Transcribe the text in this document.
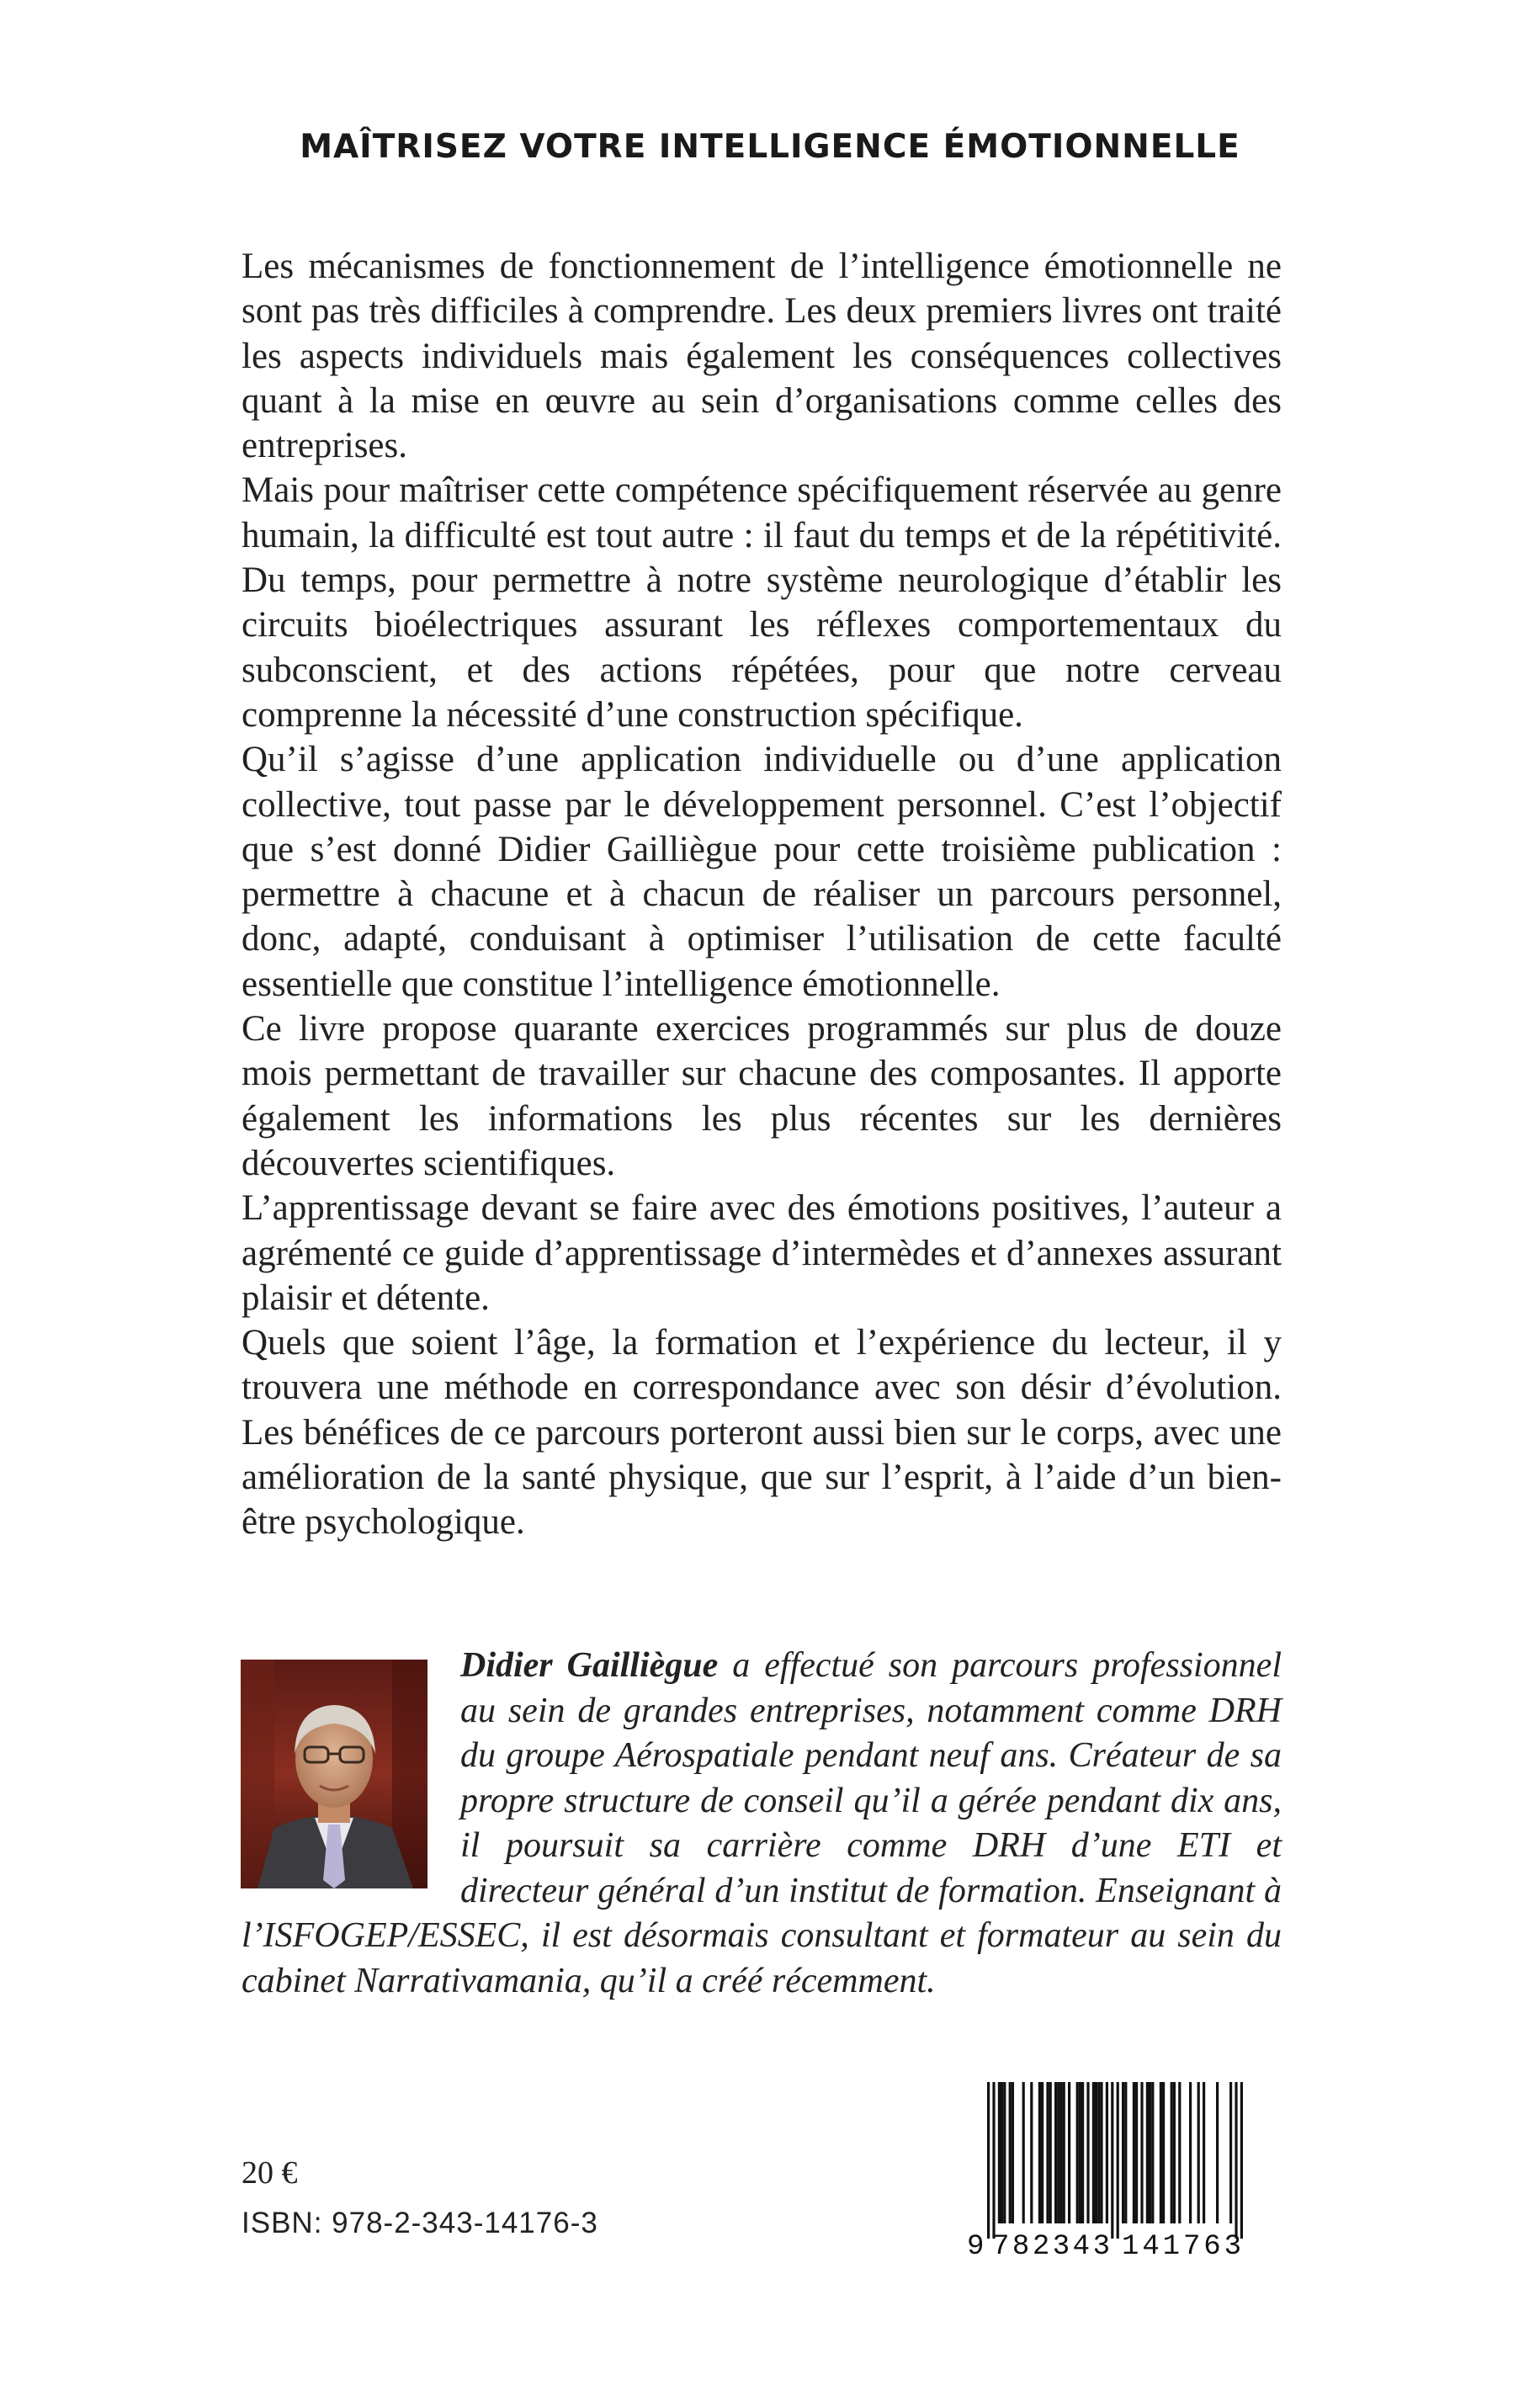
MAÎTRISEZ VOTRE INTELLIGENCE ÉMOTIONNELLE

Les mécanismes de fonctionnement de l’intelligence émotionnelle ne sont pas très difficiles à comprendre. Les deux premiers livres ont traité les aspects individuels mais également les conséquences collectives quant à la mise en œuvre au sein d’organisations comme celles des entreprises.

Mais pour maîtriser cette compétence spécifiquement réservée au genre humain, la difficulté est tout autre : il faut du temps et de la répétitivité. Du temps, pour permettre à notre système neurologique d’établir les circuits bioélectriques assurant les réflexes comportementaux du subconscient, et des actions répétées, pour que notre cerveau comprenne la nécessité d’une construction spécifique.

Qu’il s’agisse d’une application individuelle ou d’une application collective, tout passe par le développement personnel. C’est l’objectif que s’est donné Didier Gailliègue pour cette troisième publication : permettre à chacune et à chacun de réaliser un parcours personnel, donc, adapté, conduisant à optimiser l’utilisation de cette faculté essentielle que constitue l’intelligence émotionnelle.

Ce livre propose quarante exercices programmés sur plus de douze mois permettant de travailler sur chacune des composantes. Il apporte également les informations les plus récentes sur les dernières découvertes scientifiques.

L’apprentissage devant se faire avec des émotions positives, l’auteur a agrémenté ce guide d’apprentissage d’intermèdes et d’annexes assurant plaisir et détente.

Quels que soient l’âge, la formation et l’expérience du lecteur, il y trouvera une méthode en correspondance avec son désir d’évolution. Les bénéfices de ce parcours porteront aussi bien sur le corps, avec une amélioration de la santé physique, que sur l’esprit, à l’aide d’un bien-être psychologique.

Didier Gailliègue a effectué son parcours professionnel au sein de grandes entreprises, notamment comme DRH du groupe Aérospatiale pendant neuf ans. Créateur de sa propre structure de conseil qu’il a gérée pendant dix ans, il poursuit sa carrière comme DRH d’une ETI et directeur général d’un institut de formation. Enseignant à l’ISFOGEP/ESSEC, il est désormais consultant et formateur au sein du cabinet Narrativamania, qu’il a créé récemment.

20 €
ISBN: 978-2-343-14176-3
9 782343 141763
